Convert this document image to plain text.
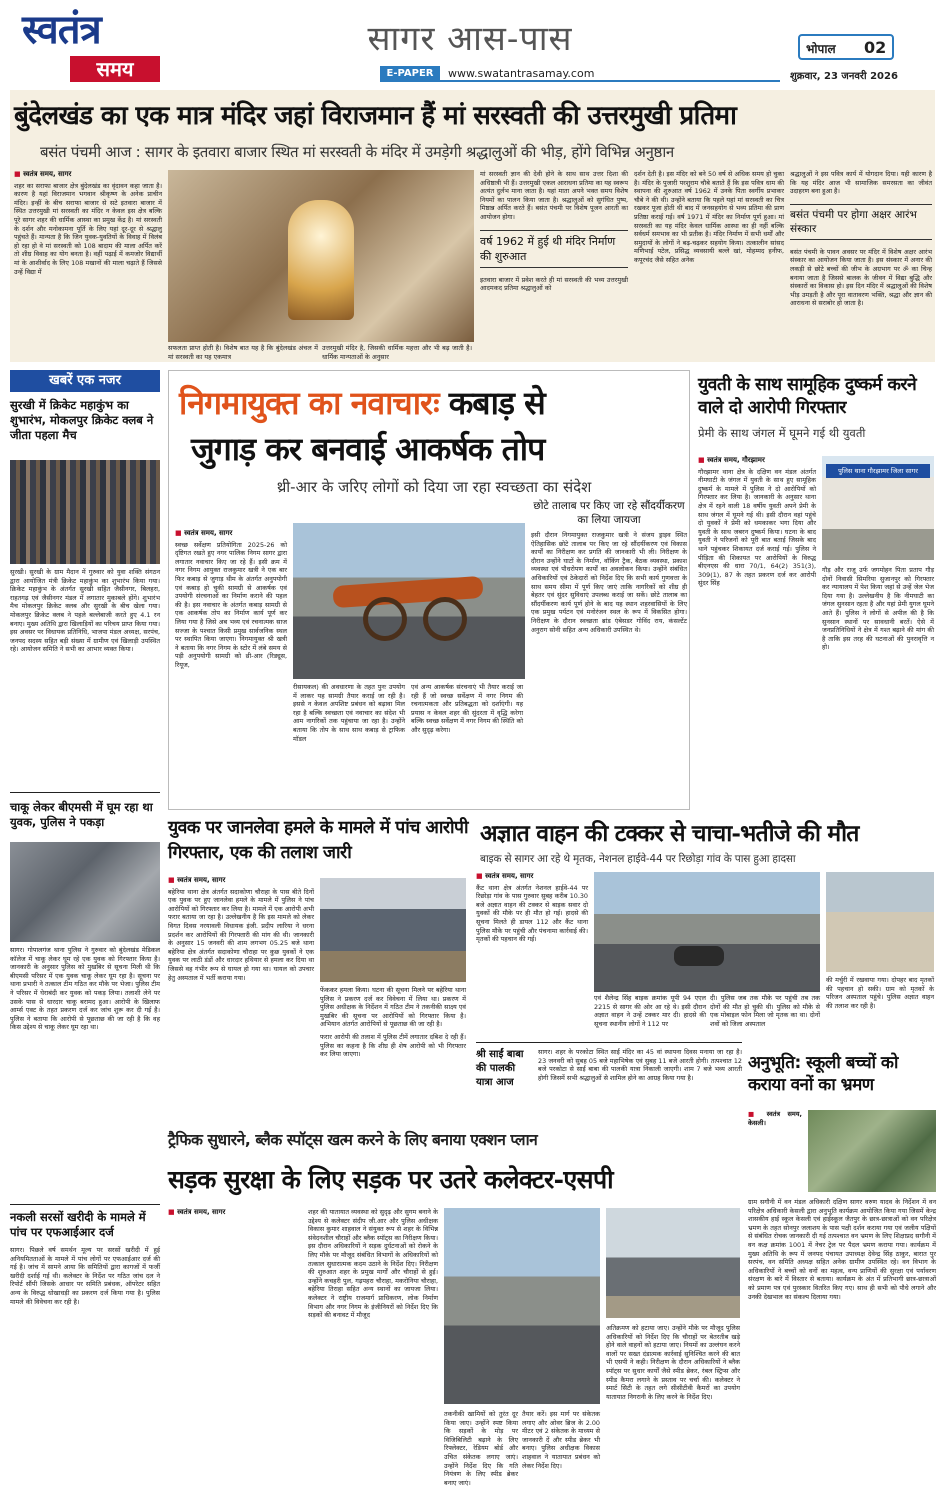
स्वतंत्र
समय
सागर आस-पास
E-PAPER	www.swatantrasamay.com
भोपाल 02
शुक्रवार, 23 जनवरी 2026
बुंदेलखंड का एक मात्र मंदिर जहां विराजमान हैं मां सरस्वती की उत्तरमुखी प्रतिमा
बसंत पंचमी आज : सागर के इतवारा बाजार स्थित मां सरस्वती के मंदिर में उमड़ेगी श्रद्धालुओं की भीड़, होंगे विभिन्न अनुष्ठान
■ स्वतंत्र समय, सागर
शहर का सराफा बाजार क्षेत्र बुंदेलखंड का वृंदावन कहा जाता है। कारण है यहां विराजमान भगवान श्रीकृष्ण के अनेक प्राचीन मंदिर। इन्हीं के बीच सराफा बाजार से सटे इतवारा बाजार में स्थित उत्तरमुखी मां सरस्वती का मंदिर न केवल इस क्षेत्र बल्कि पूरे सागर शहर की धार्मिक आस्था का प्रमुख केंद्र है। मां सरस्वती के दर्शन और मनोकामना पूर्ति के लिए यहां दूर-दूर से श्रद्धालु पहुंचते हैं। मान्यता है कि जिन युवक-युवतियों के विवाह में विलंब हो रहा हो वे मां सरस्वती को 108 बादाम की माला अर्पित करें तो शीघ्र विवाह का योग बनता है। वहीं पढ़ाई में कमजोर विद्यार्थी मां के आशीर्वाद के लिए 108 मखानों की माला चढ़ाते हैं जिससे उन्हें विद्या में
सफलता प्राप्त होती है। विशेष बात यह है कि बुंदेलखंड अंचल में मां सरस्वती का यह एकमात्र
उत्तरमुखी मंदिर है, जिसकी धार्मिक महत्ता और भी बढ़ जाती है। धार्मिक मान्यताओं के अनुसार
मां सरस्वती ज्ञान की देवी होने के साथ साथ उत्तर दिशा की अधिष्ठात्री भी हैं। उत्तरमुखी एकल आराधना प्रतिमा का यह स्वरूप अत्यंत दुर्लभ माना जाता है। यहां माता अपने भक्त समय विशेष नियमों का पालन किया जाता है। श्रद्धालुओं को सुगंधित पुष्प, मिष्ठान्न अर्पित करते हैं। बसंत पंचमी पर विशेष पूजन आरती का आयोजन होगा।
वर्ष 1962 में हुई थी मंदिर निर्माण की शुरुआत
इतवारा बाजार में प्रवेश करते ही मां सरस्वती की भव्य उत्तरमुखी आदमकद प्रतिमा श्रद्धालुओं को
दर्शन देती है। इस मंदिर को बने 50 वर्ष से अधिक समय हो चुका है। मंदिर के पुजारी परशुराम चौबे बताते हैं कि इस पवित्र धाम की स्थापना की शुरुआत वर्ष 1962 में उनके पिता स्वर्गीय प्रभाकर चौबे ने की थी। उन्होंने बताया कि पहले यहां मां सरस्वती का चित्र रखकर पूजा होती थी बाद में जनसहयोग से भव्य प्रतिमा की प्राण प्रतिष्ठा कराई गई। वर्ष 1971 में मंदिर का निर्माण पूर्ण हुआ। मां सरस्वती का यह मंदिर केवल धार्मिक आस्था का ही नहीं बल्कि सर्वधर्म समभाव का भी प्रतीक है। मंदिर निर्माण में सभी धर्मों और समुदायों के लोगों ने बढ़-चढ़कर सहयोग किया। तत्कालीन सांसद मणिभाई पटेल, प्रसिद्ध व्यवसायी बल्ले खां, मोहम्मद हनीफ, कपूरचंद जैसे सहित अनेक
श्रद्धालुओं ने इस पवित्र कार्य में योगदान दिया। यही कारण है कि यह मंदिर आज भी सामाजिक समरसता का जीवंत उदाहरण बना हुआ है।
बसंत पंचमी पर होगा अक्षर आरंभ संस्कार
बसंत पंचमी के पावन अवसर पर मंदिर में विशेष अक्षर आरंभ संस्कार का आयोजन किया जाता है। इस संस्कार में अनार की लकड़ी से छोटे बच्चों की जीभ के अग्रभाग पर ॐ का चिन्ह बनाया जाता है जिससे बालक के जीवन में विद्या बुद्धि और संस्कारों का विकास हो। इस दिन मंदिर में श्रद्धालुओं की विशेष भीड़ उमड़ती है और पूरा वातावरण भक्ति, श्रद्धा और ज्ञान की आराधना से सराबोर हो जाता है।
खबरें एक नजर
सुरखी में क्रिकेट महाकुंभ का शुभारंभ, मोकलपुर क्रिकेट क्लब ने जीता पहला मैच
सुरखी। सुरखी के ग्राम मैदान में गुरुवार को युवा शक्ति संगठन द्वारा आयोजित मंत्री क्रिकेट महाकुंभ का शुभारंभ किया गया। क्रिकेट महाकुंभ के अंतर्गत सुरखी सहित जैसीनगर, बिलहरा, राहतगढ़ एवं जैसीनगर मंडल में लगातार मुकाबले होंगे। शुभारंभ मैच मोकलपुर क्रिकेट क्लब और सुरखी के बीच खेला गया। मोकलपुर क्रिकेट क्लब ने पहले बल्लेबाजी करते हुए 4.1 रन बनाए। मुख्य अतिथि द्वारा खिलाड़ियों का परिचय प्राप्त किया गया। इस अवसर पर विधायक प्रतिनिधि, भाजपा मंडल अध्यक्ष, सरपंच, जनपद सदस्य सहित बड़ी संख्या में ग्रामीण एवं खिलाड़ी उपस्थित रहे। आयोजन समिति ने सभी का आभार व्यक्त किया।
चाकू लेकर बीएमसी में घूम रहा था युवक, पुलिस ने पकड़ा
सागर। गोपालगंज थाना पुलिस ने गुरुवार को बुंदेलखंड मेडिकल कॉलेज में चाकू लेकर घूम रहे एक युवक को गिरफ्तार किया है। जानकारी के अनुसार पुलिस को मुखबिर से सूचना मिली थी कि बीएमसी परिसर में एक युवक चाकू लेकर घूम रहा है। सूचना पर थाना प्रभारी ने तत्काल टीम गठित कर मौके पर भेजा। पुलिस टीम ने परिसर में घेराबंदी कर युवक को पकड़ लिया। तलाशी लेने पर उसके पास से धारदार चाकू बरामद हुआ। आरोपी के खिलाफ आर्म्स एक्ट के तहत प्रकरण दर्ज कर जांच शुरू कर दी गई है। पुलिस ने बताया कि आरोपी से पूछताछ की जा रही है कि वह किस उद्देश्य से चाकू लेकर घूम रहा था।
नकली सरसों खरीदी के मामले में पांच पर एफआईआर दर्ज
सागर। पिछले वर्ष समर्थन मूल्य पर सरसों खरीदी में हुई अनियमितताओं के मामले में पांच लोगों पर एफआईआर दर्ज की गई है। जांच में सामने आया कि समितियों द्वारा कागजों में फर्जी खरीदी दर्शाई गई थी। कलेक्टर के निर्देश पर गठित जांच दल ने रिपोर्ट सौंपी जिसके आधार पर समिति प्रबंधक, ऑपरेटर सहित अन्य के विरुद्ध धोखाधड़ी का प्रकरण दर्ज किया गया है। पुलिस मामले की विवेचना कर रही है।
निगमायुक्त का नवाचारः कबाड़ से
जुगाड़ कर बनवाई आकर्षक तोप
थ्री-आर के जरिए लोगों को दिया जा रहा स्वच्छता का संदेश
छोटे तालाब पर किए जा रहे सौंदर्यीकरण का लिया जायजा
■ स्वतंत्र समय, सागर
स्वच्छ सर्वेक्षण प्रतियोगिता 2025-26 को दृष्टिगत रखते हुए नगर पालिक निगम सागर द्वारा लगातार नवाचार किए जा रहे हैं। इसी क्रम में नगर निगम आयुक्त राजकुमार खत्री ने एक बार फिर कबाड़ से जुगाड़ थीम के अंतर्गत अनुपयोगी एवं कबाड़ हो चुकी सामग्री से आकर्षक एवं उपयोगी संरचनाओं का निर्माण कराने की पहल की है। इस नवाचार के अंतर्गत कबाड़ सामग्री से एक आकर्षक तोप का निर्माण कार्य पूर्ण कर लिया गया है जिसे अब भव्य एवं रचनात्मक साज सज्जा के पश्चात किसी प्रमुख सार्वजनिक स्थल पर स्थापित किया जाएगा। निगमायुक्त श्री खत्री ने बताया कि नगर निगम के स्टोर में लंबे समय से पड़ी अनुपयोगी सामग्री को थ्री-आर (रिड्यूस, रियूज,
रीसायकल) की अवधारणा के तहत पुनः उपयोग में लाकर यह सामग्री तैयार कराई जा रही है। इससे न केवल अपशिष्ट प्रबंधन को बढ़ावा मिल रहा है बल्कि स्वच्छता एवं नवाचार का संदेश भी आम नागरिकों तक पहुंचाया जा रहा है। उन्होंने बताया कि तोप के साथ साथ कबाड़ से ट्राफिक मॉडल
एवं अन्य आकर्षक संरचनाएं भी तैयार कराई जा रही हैं जो स्वच्छ सर्वेक्षण में नगर निगम की रचनात्मकता और प्रतिबद्धता को दर्शाएंगी। यह प्रयास न केवल शहर की सुंदरता में वृद्धि करेगा बल्कि स्वच्छ सर्वेक्षण में नगर निगम की स्थिति को और सुदृढ़ करेगा।
इसी दौरान निगमायुक्त राजकुमार खत्री ने संजय ड्राइव स्थित ऐतिहासिक छोटे तालाब पर किए जा रहे सौंदर्यीकरण एवं विकास कार्यों का निरीक्षण कर प्रगति की जानकारी भी ली। निरीक्षण के दौरान उन्होंने घाटों के निर्माण, वॉकिंग ट्रैक, बैठक व्यवस्था, प्रकाश व्यवस्था एवं पौधरोपण कार्यों का अवलोकन किया। उन्होंने संबंधित अधिकारियों एवं ठेकेदारों को निर्देश दिए कि सभी कार्य गुणवत्ता के साथ समय सीमा में पूर्ण किए जाएं ताकि नागरिकों को शीघ्र ही बेहतर एवं सुंदर सुविधाएं उपलब्ध कराई जा सकें। छोटे तालाब का सौंदर्यीकरण कार्य पूर्ण होने के बाद यह स्थान शहरवासियों के लिए एक प्रमुख पर्यटन एवं मनोरंजन स्थल के रूप में विकसित होगा। निरीक्षण के दौरान स्वच्छता ब्रांड एंबेसडर गोविंद राय, कंसल्टेंट अनुराग सोनी सहित अन्य अधिकारी उपस्थित थे।
युवती के साथ सामूहिक दुष्कर्म करने वाले दो आरोपी गिरफ्तार
प्रेमी के साथ जंगल में घूमने गई थी युवती
■ स्वतंत्र समय, गौरझामर
गौरझामर थाना क्षेत्र के दक्षिण वन मंडल अंतर्गत नीमघाटी के जंगल में युवती के साथ हुए सामूहिक दुष्कर्म के मामले में पुलिस ने दो आरोपियों को गिरफ्तार कर लिया है। जानकारी के अनुसार थाना क्षेत्र में रहने वाली 18 वर्षीय युवती अपने प्रेमी के साथ जंगल में घूमने गई थी। इसी दौरान वहां पहुंचे दो युवकों ने प्रेमी को धमकाकर भगा दिया और युवती के साथ जबरन दुष्कर्म किया। घटना के बाद युवती ने परिजनों को पूरी बात बताई जिसके बाद थाने पहुंचकर शिकायत दर्ज कराई गई। पुलिस ने पीड़िता की शिकायत पर आरोपियों के विरुद्ध बीएनएस की धारा 70/1, 64(2) 351(3), 309(1), 87 के तहत प्रकरण दर्ज कर आरोपी सुंदर सिंह
पुलिस थाना गौरझामर जिला सागर
गौड़ और राजू उर्फ जगमोहन पिता प्रताप गौड़ दोनों निवासी सिमरिया सुजानपुर को गिरफ्तार कर न्यायालय में पेश किया जहां से उन्हें जेल भेज दिया गया है। उल्लेखनीय है कि नीमघाटी का जंगल सुनसान रहता है और यहां प्रेमी युगल घूमने आते हैं। पुलिस ने लोगों से अपील की है कि सुनसान स्थानों पर सावधानी बरतें। ऐसे में जनप्रतिनिधियों ने क्षेत्र में गश्त बढ़ाने की मांग की है ताकि इस तरह की घटनाओं की पुनरावृत्ति न हो।
युवक पर जानलेवा हमले के मामले में पांच आरोपी गिरफ्तार, एक की तलाश जारी
■ स्वतंत्र समय, सागर
बहेरिया थाना क्षेत्र अंतर्गत सदाकोणा चौराहा के पास बीते दिनों एक युवक पर हुए जानलेवा हमले के मामले में पुलिस ने पांच आरोपियों को गिरफ्तार कर लिया है। मामले में एक आरोपी अभी फरार बताया जा रहा है। उल्लेखनीय है कि इस मामले को लेकर विगत दिवस नरयावली विधायक इंजी. प्रदीप लारिया ने धरना प्रदर्शन कर आरोपियों की गिरफ्तारी की मांग की थी। जानकारी के अनुसार 15 जनवरी की शाम लगभग 05.25 बजे थाना बहेरिया क्षेत्र अंतर्गत सदाकोणा चौराहा पर कुछ युवकों ने एक युवक पर लाठी डंडों और धारदार हथियार से हमला कर दिया था जिससे वह गंभीर रूप से घायल हो गया था। घायल को उपचार हेतु अस्पताल में भर्ती कराया गया।
फेंककर हमला किया। घटना की सूचना मिलने पर बहेरिया थाना पुलिस ने प्रकरण दर्ज कर विवेचना में लिया था। प्रकरण में पुलिस अधीक्षक के निर्देशन में गठित टीम ने तकनीकी साक्ष्य एवं मुखबिर की सूचना पर आरोपियों को गिरफ्तार किया है। अभियान अंतर्गत आरोपियों से पूछताछ की जा रही है।
फरार आरोपी की तलाश में पुलिस टीमें लगातार दबिश दे रही हैं। पुलिस का कहना है कि शीघ्र ही शेष आरोपी को भी गिरफ्तार कर लिया जाएगा।
अज्ञात वाहन की टक्कर से चाचा-भतीजे की मौत
बाइक से सागर आ रहे थे मृतक, नेशनल हाईवे-44 पर रिछोड़ा गांव के पास हुआ हादसा
■ स्वतंत्र समय, सागर
कैंट थाना क्षेत्र अंतर्गत नेशनल हाईवे-44 पर रिछोड़ा गांव के पास गुरुवार सुबह करीब 10.30 बजे अज्ञात वाहन की टक्कर से बाइक सवार दो युवकों की मौके पर ही मौत हो गई। हादसे की सूचना मिलते ही डायल 112 और कैंट थाना पुलिस मौके पर पहुंची और पंचनामा कार्रवाई की। मृतकों की पहचान की गई।
एवं शैलेन्द्र सिंह बाइक क्रमांक यूपी 94 एएल 2215 से सागर की ओर आ रहे थे। इसी दौरान अज्ञात वाहन ने उन्हें टक्कर मार दी। हादसे की सूचना स्थानीय लोगों ने 112 पर
दी। पुलिस जब तक मौके पर पहुंची तब तक दोनों की मौत हो चुकी थी। पुलिस को मौके से एक मोबाइल फोन मिला जो मृतक का था। दोनों शवों को जिला अस्पताल
की मर्चुरी में रखवाया गया। दोपहर बाद मृतकों की पहचान हो सकी। ग्राम को मृतकों के परिजन अस्पताल पहुंचे। पुलिस अज्ञात वाहन की तलाश कर रही है।
श्री साईं बाबा की पालकी यात्रा आज
सागर। शहर के परकोटा स्थित साईं मंदिर का 45 वां स्थापना दिवस मनाया जा रहा है। 23 जनवरी को सुबह 05 बजे महाभिषेक एवं सुबह 11 बजे आरती होगी। तत्पश्चात 12 बजे परकोटा से साईं बाबा की पालकी यात्रा निकाली जाएगी। शाम 7 बजे भव्य आरती होगी जिसमें सभी श्रद्धालुओं से शामिल होने का आग्रह किया गया है।
अनुभूति: स्कूली बच्चों को कराया वनों का भ्रमण
■ स्वतंत्र समय, केसली।
ग्राम सगौनी में वन मंडल अधिकारी दक्षिण सागर वरुण यादव के निर्देशन में वन परिक्षेत्र अधिकारी केसली द्वारा अनुभूति कार्यक्रम आयोजित किया गया जिसमें केन्द्र शासकीय हाई स्कूल केसली एवं हाईस्कूल जैतपुर के छात्र-छात्राओं को वन परिक्षेत्र भ्रमण के तहत सोनपुर जलाशय के पास पक्षी दर्शन कराया गया एवं जलीय पक्षियों से संबंधित रोचक जानकारी दी गई तत्पश्चात वन भ्रमण के लिए शिक्षाप्रद सगौनी में वन कक्ष क्रमांक 1001 में नेचर ट्रेल पर पैदल भ्रमण कराया गया। कार्यक्रम में मुख्य अतिथि के रूप में जनपद पंचायत उपाध्यक्ष देवेन्द्र सिंह ठाकुर, बारात पुर सरपंच, वन समिति अध्यक्ष सहित अनेक ग्रामीण उपस्थित रहे। वन विभाग के अधिकारियों ने बच्चों को वनों का महत्व, वन्य प्राणियों की सुरक्षा एवं पर्यावरण संरक्षण के बारे में विस्तार से बताया। कार्यक्रम के अंत में प्रतिभागी छात्र-छात्राओं को प्रमाण पत्र एवं पुरस्कार वितरित किए गए। साथ ही सभी को पौधे लगाने और उनकी देखभाल का संकल्प दिलाया गया।
ट्रैफिक सुधारने, ब्लैक स्पॉट्स खत्म करने के लिए बनाया एक्शन प्लान
सड़क सुरक्षा के लिए सड़क पर उतरे कलेक्टर-एसपी
■ स्वतंत्र समय, सागर	शहर की यातायात व्यवस्था को सुदृढ़ और सुगम बनाने के उद्देश्य से कलेक्टर संदीप जी.आर और पुलिस अधीक्षक विकास कुमार शाहवाल ने संयुक्त रूप से शहर के विभिन्न संवेदनशील चौराहों और ब्लैक स्पॉट्स का निरीक्षण किया। इस दौरान अधिकारियों ने सड़क दुर्घटनाओं को रोकने के लिए मौके पर मौजूद संबंधित विभागों के अधिकारियों को तत्काल सुधारात्मक कदम उठाने के निर्देश दिए। निरीक्षण की शुरुआत शहर के प्रमुख मार्गों और चौराहों से हुई। उन्होंने कचहरी पुल, गढ़पहरा चौराहा, मकरोनिया चौराहा, बहेरिया तिराहा सहित अन्य स्थानों का जायजा लिया। कलेक्टर ने राष्ट्रीय राजमार्ग प्राधिकरण, लोक निर्माण विभाग और नगर निगम के इंजीनियरों को निर्देश दिए कि सड़कों की बनावट में मौजूद
तकनीकी खामियों को तुरंत दूर किया जाए। उन्होंने स्पष्ट किया कि सड़कों के मोड़ पर विजिबिलिटी बढ़ाने के लिए रिफ्लेक्टर, रेडियम बोर्ड और उचित संकेतक लगाए जाएं। उन्होंने निर्देश दिए कि गति नियंत्रण के लिए स्पीड ब्रेकर बनाए जाएं।
तैयार करें। इस मार्ग पर संकेतक लगाए और ओवर ब्रिज के 2.00 मीटर एवं 2 संकेतक के माध्यम से जानकारी दें और स्पीड ब्रेकर भी बनाए। पुलिस अधीक्षक विकास शाहवाल ने यातायात प्रबंधन को लेकर निर्देश दिए।
अतिक्रमण को हटाया जाए। उन्होंने मौके पर मौजूद पुलिस अधिकारियों को निर्देश दिए कि चौराहों पर बेतरतीब खड़े होने वाले वाहनों को हटाया जाए। नियमों का उल्लंघन करने वालों पर सख्त दंडात्मक कार्रवाई सुनिश्चित करने की बात भी एसपी ने कही। निरीक्षण के दौरान अधिकारियों ने ब्लैक स्पॉट्स पर सुधार कार्यों जैसे स्पीड ब्रेकर, रंबल स्ट्रिप्स और स्पीड कैमरा लगाने के प्रस्ताव पर चर्चा की। कलेक्टर ने स्मार्ट सिटी के तहत लगे सीसीटीवी कैमरों का उपयोग यातायात निगरानी के लिए करने के निर्देश दिए।
